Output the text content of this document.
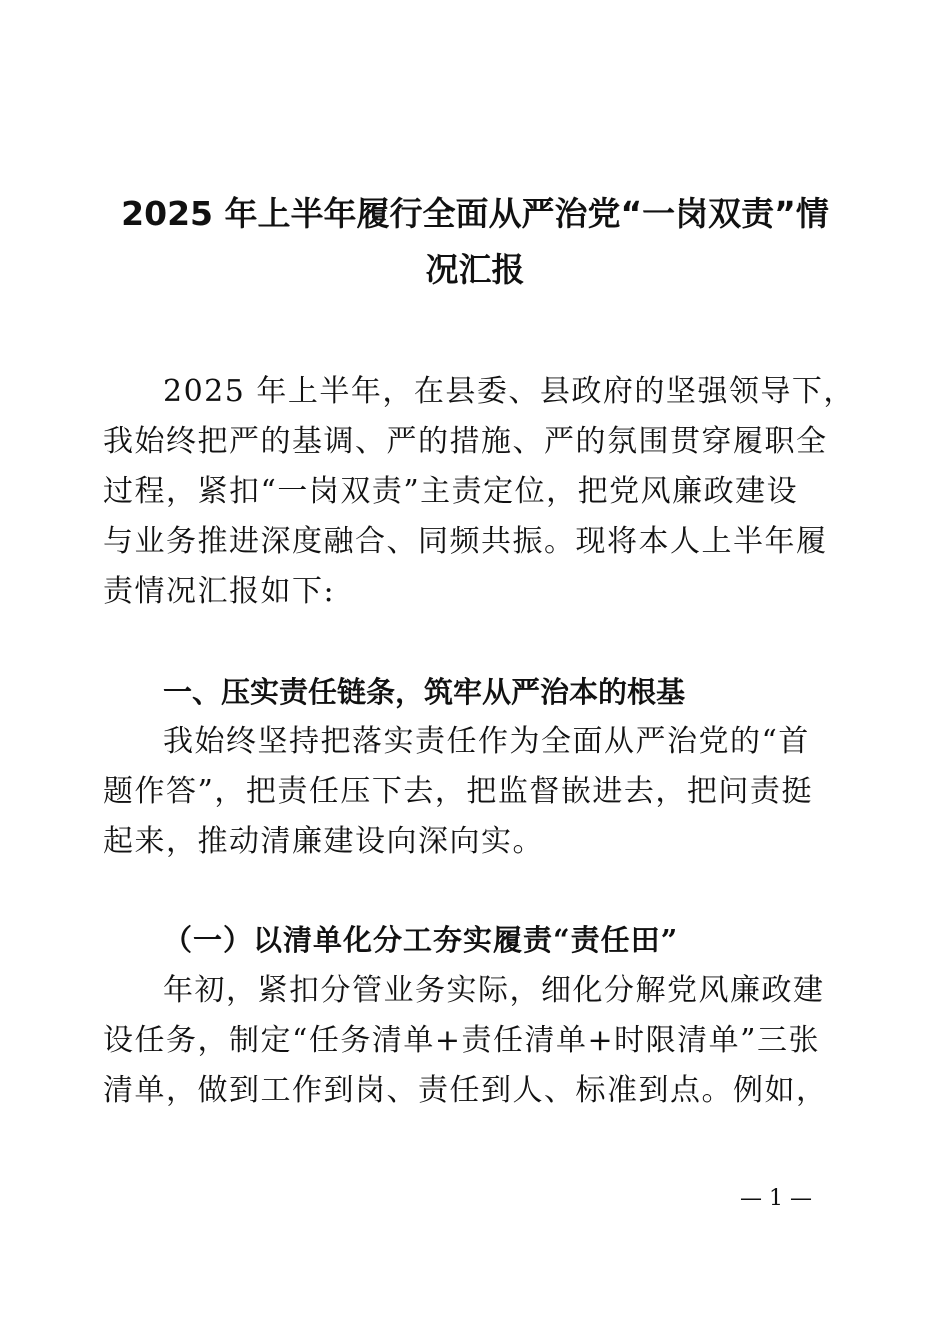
2025 年上半年履行全面从严治党“一岗双责”情
况汇报

2025 年上半年，在县委、县政府的坚强领导下，
我始终把严的基调、严的措施、严的氛围贯穿履职全
过程，紧扣“一岗双责”主责定位，把党风廉政建设
与业务推进深度融合、同频共振。现将本人上半年履
责情况汇报如下:

一、压实责任链条，筑牢从严治本的根基

我始终坚持把落实责任作为全面从严治党的“首
题作答”，把责任压下去，把监督嵌进去，把问责挺
起来，推动清廉建设向深向实。

（一）以清单化分工夯实履责“责任田”

年初，紧扣分管业务实际，细化分解党风廉政建
设任务，制定“任务清单+责任清单+时限清单”三张
清单，做到工作到岗、责任到人、标准到点。例如，

— 1 —
